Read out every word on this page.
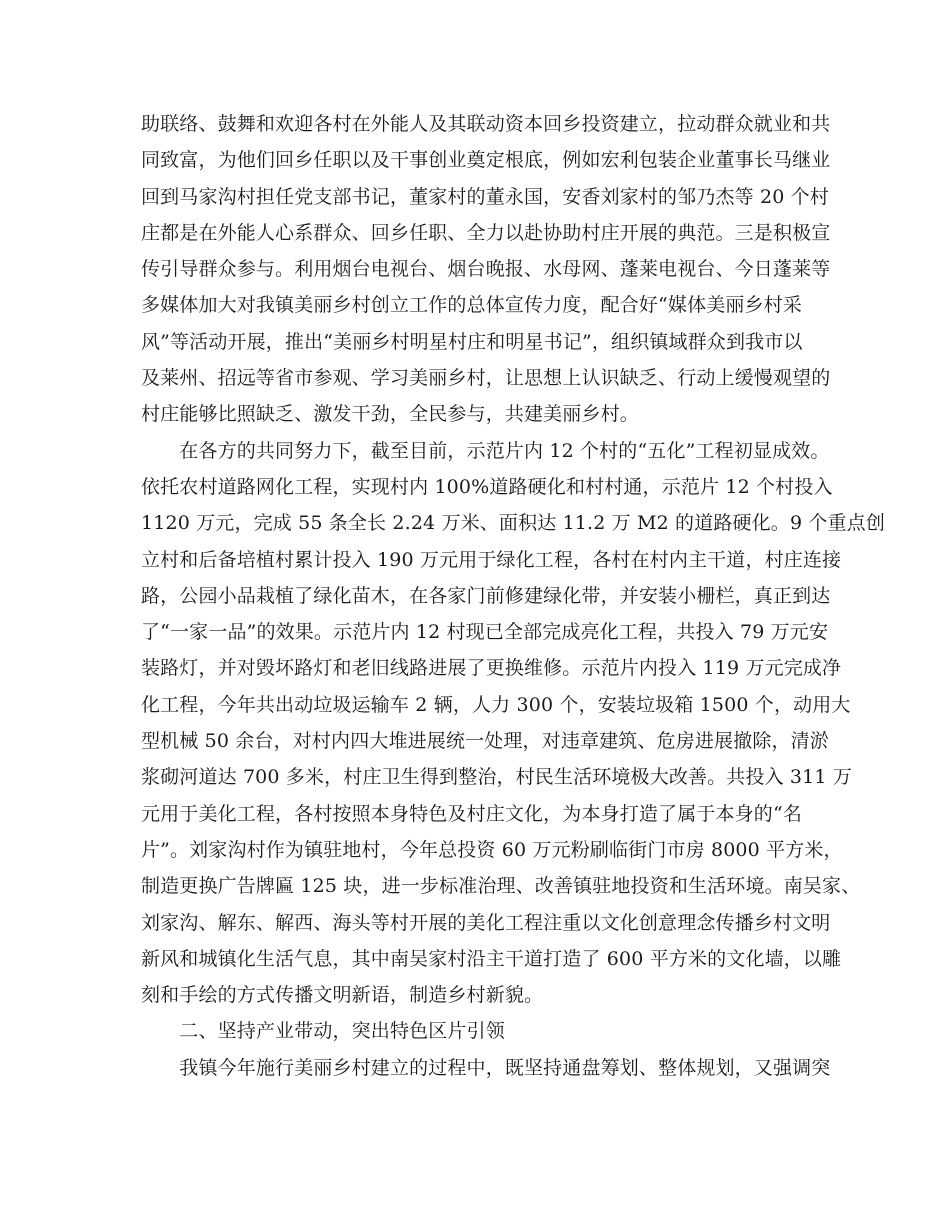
助联络、鼓舞和欢迎各村在外能人及其联动资本回乡投资建立，拉动群众就业和共
同致富，为他们回乡任职以及干事创业奠定根底，例如宏利包装企业董事长马继业
回到马家沟村担任党支部书记，董家村的董永国，安香刘家村的邹乃杰等 20 个村
庄都是在外能人心系群众、回乡任职、全力以赴协助村庄开展的典范。三是积极宣
传引导群众参与。利用烟台电视台、烟台晚报、水母网、蓬莱电视台、今日蓬莱等
多媒体加大对我镇美丽乡村创立工作的总体宣传力度，配合好“媒体美丽乡村采
风”等活动开展，推出“美丽乡村明星村庄和明星书记”，组织镇域群众到我市以
及莱州、招远等省市参观、学习美丽乡村，让思想上认识缺乏、行动上缓慢观望的
村庄能够比照缺乏、激发干劲，全民参与，共建美丽乡村。
　　在各方的共同努力下，截至目前，示范片内 12 个村的“五化”工程初显成效。
依托农村道路网化工程，实现村内 100%道路硬化和村村通，示范片 12 个村投入
1120 万元，完成 55 条全长 2.24 万米、面积达 11.2 万 M2 的道路硬化。9 个重点创
立村和后备培植村累计投入 190 万元用于绿化工程，各村在村内主干道，村庄连接
路，公园小品栽植了绿化苗木，在各家门前修建绿化带，并安装小栅栏，真正到达
了“一家一品”的效果。示范片内 12 村现已全部完成亮化工程，共投入 79 万元安
装路灯，并对毁坏路灯和老旧线路进展了更换维修。示范片内投入 119 万元完成净
化工程，今年共出动垃圾运输车 2 辆，人力 300 个，安装垃圾箱 1500 个，动用大
型机械 50 余台，对村内四大堆进展统一处理，对违章建筑、危房进展撤除，清淤
浆砌河道达 700 多米，村庄卫生得到整治，村民生活环境极大改善。共投入 311 万
元用于美化工程，各村按照本身特色及村庄文化，为本身打造了属于本身的“名
片”。刘家沟村作为镇驻地村，今年总投资 60 万元粉刷临街门市房 8000 平方米，
制造更换广告牌匾 125 块，进一步标准治理、改善镇驻地投资和生活环境。南吴家、
刘家沟、解东、解西、海头等村开展的美化工程注重以文化创意理念传播乡村文明
新风和城镇化生活气息，其中南吴家村沿主干道打造了 600 平方米的文化墙，以雕
刻和手绘的方式传播文明新语，制造乡村新貌。
　　二、坚持产业带动，突出特色区片引领
　　我镇今年施行美丽乡村建立的过程中，既坚持通盘筹划、整体规划，又强调突
